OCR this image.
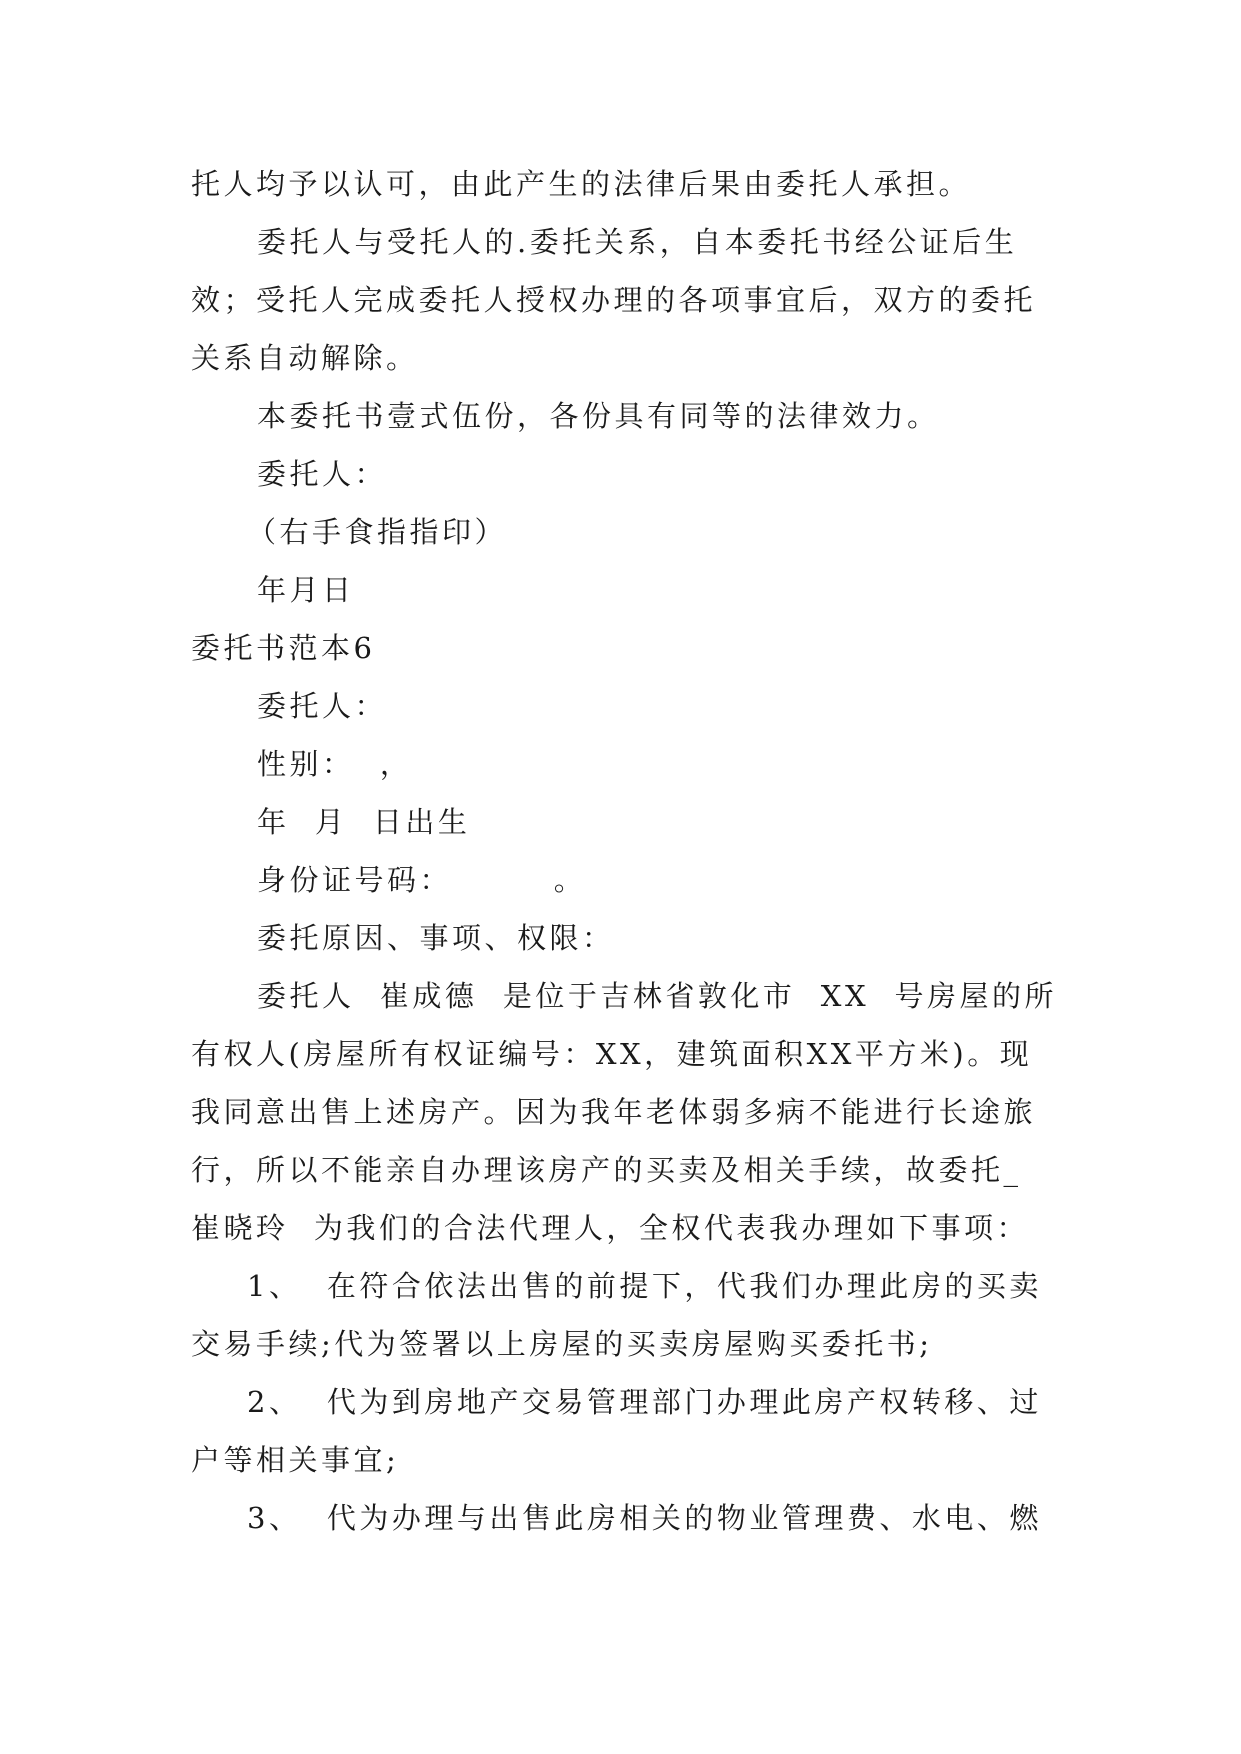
托人均予以认可，由此产生的法律后果由委托人承担。

委托人与受托人的.委托关系，自本委托书经公证后生

效；受托人完成委托人授权办理的各项事宜后，双方的委托

关系自动解除。

本委托书壹式伍份，各份具有同等的法律效力。

委托人：

（右手食指指印）

年月日

委托书范本6

委托人：

性别：  ，

年  月  日出生

身份证号码：        。

委托原因、事项、权限：

委托人  崔成德  是位于吉林省敦化市  XX  号房屋的所

有权人(房屋所有权证编号：XX，建筑面积XX平方米)。现

我同意出售上述房产。因为我年老体弱多病不能进行长途旅

行，所以不能亲自办理该房产的买卖及相关手续，故委托_

崔晓玲  为我们的合法代理人，全权代表我办理如下事项：

1、  在符合依法出售的前提下，代我们办理此房的买卖

交易手续;代为签署以上房屋的买卖房屋购买委托书;

2、  代为到房地产交易管理部门办理此房产权转移、过

户等相关事宜;

3、  代为办理与出售此房相关的物业管理费、水电、燃
